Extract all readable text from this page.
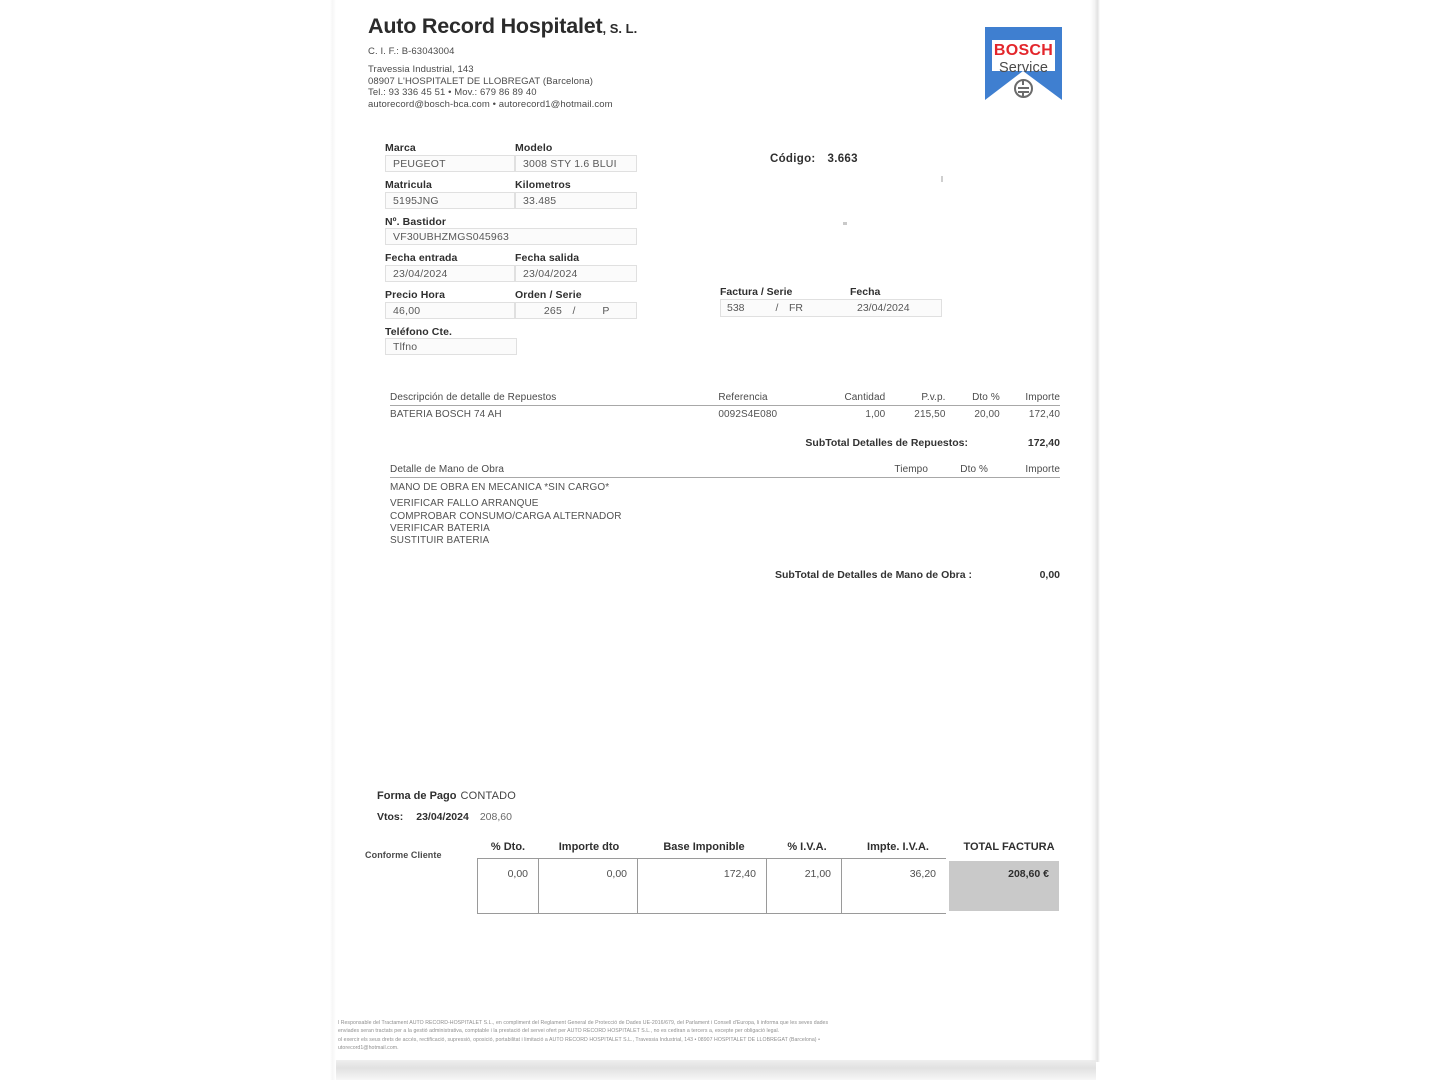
Auto Record Hospitalet, S. L.
C. I. F.: B-63043004
Travessia Industrial, 143
08907 L'HOSPITALET DE LLOBREGAT (Barcelona)
Tel.: 93 336 45 51 • Mov.: 679 86 89 40
autorecord@bosch-bca.com • autorecord1@hotmail.com
BOSCH
Service
Marca	Modelo
PEUGEOT	3008 STY 1.6 BLUI
Matricula	Kilometros
5195JNG	33.485
Nº. Bastidor
VF30UBHZMGS045963
Fecha entrada	Fecha salida
23/04/2024	23/04/2024
Precio Hora	Orden / Serie
46,00	265 /	P
Teléfono Cte.
Tlfno
Código: 3.663
Factura / Serie	Fecha
538	/	FR	23/04/2024
Descripción de detalle de Repuestos	Referencia	Cantidad	P.v.p.	Dto %	Importe
BATERIA BOSCH 74 AH	0092S4E080	1,00	215,50	20,00	172,40
SubTotal Detalles de Repuestos:	172,40
Detalle de Mano de Obra	Tiempo	Dto %	Importe
MANO DE OBRA EN MECANICA *SIN CARGO*
VERIFICAR FALLO ARRANQUE
COMPROBAR CONSUMO/CARGA ALTERNADOR
VERIFICAR BATERIA
SUSTITUIR BATERIA
SubTotal de Detalles de Mano de Obra :	0,00
Forma de Pago CONTADO
Vtos: 23/04/2024 208,60
Conforme Cliente
% Dto.	Importe dto	Base Imponible	% I.V.A.	Impte. I.V.A.	TOTAL FACTURA
0,00	0,00	172,40	21,00	36,20	208,60 €
l Responsable del Tractament AUTO RECORD-HOSPITALET S.L., en compliment del Reglament General de Protecció de Dades UE-2016/679, del Parlament i Consell d'Europa, li informa que les seves dades
enviades seran tractats per a la gestió administrativa, comptable i la prestació del servei ofert per AUTO RECORD HOSPITALET S.L., no es cediran a tercers a, excepte per obligació legal.
ol exercir els seus drets de accés, rectificació, supressió, oposició, portabilitat i limitació a AUTO RECORD HOSPITALET S.L., Travessia Industrial, 143 • 08907 HOSPITALET DE LLOBREGAT (Barcelona) •
utorecord1@hotmail.com.
